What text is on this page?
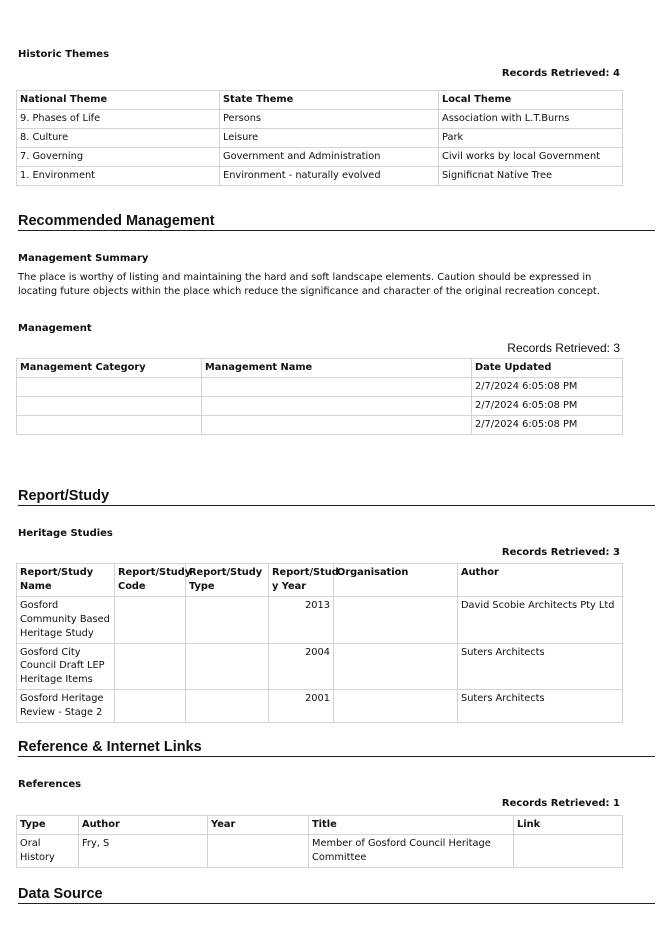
Historic Themes
Records Retrieved: 4
National Theme	State Theme	Local Theme
9. Phases of Life	Persons	Association with L.T.Burns
8. Culture	Leisure	Park
7. Governing	Government and Administration	Civil works by local Government
1. Environment	Environment - naturally evolved	Significnat Native Tree
Recommended Management
Management Summary
The place is worthy of listing and maintaining the hard and soft landscape elements. Caution should be expressed in locating future objects within the place which reduce the significance and character of the original recreation concept.
Management
Records Retrieved: 3
Management Category	Management Name	Date Updated
		2/7/2024 6:05:08 PM
		2/7/2024 6:05:08 PM
		2/7/2024 6:05:08 PM
Report/Study
Heritage Studies
Records Retrieved: 3
Report/Study Name	Report/Study Code	Report/Study Type	Report/Stud y Year	Organisation	Author
Gosford Community Based Heritage Study			2013		David Scobie Architects Pty Ltd
Gosford City Council Draft LEP Heritage Items			2004		Suters Architects
Gosford Heritage Review - Stage 2			2001		Suters Architects
Reference & Internet Links
References
Records Retrieved: 1
Type	Author	Year	Title	Link
Oral History	Fry, S		Member of Gosford Council Heritage Committee	
Data Source
